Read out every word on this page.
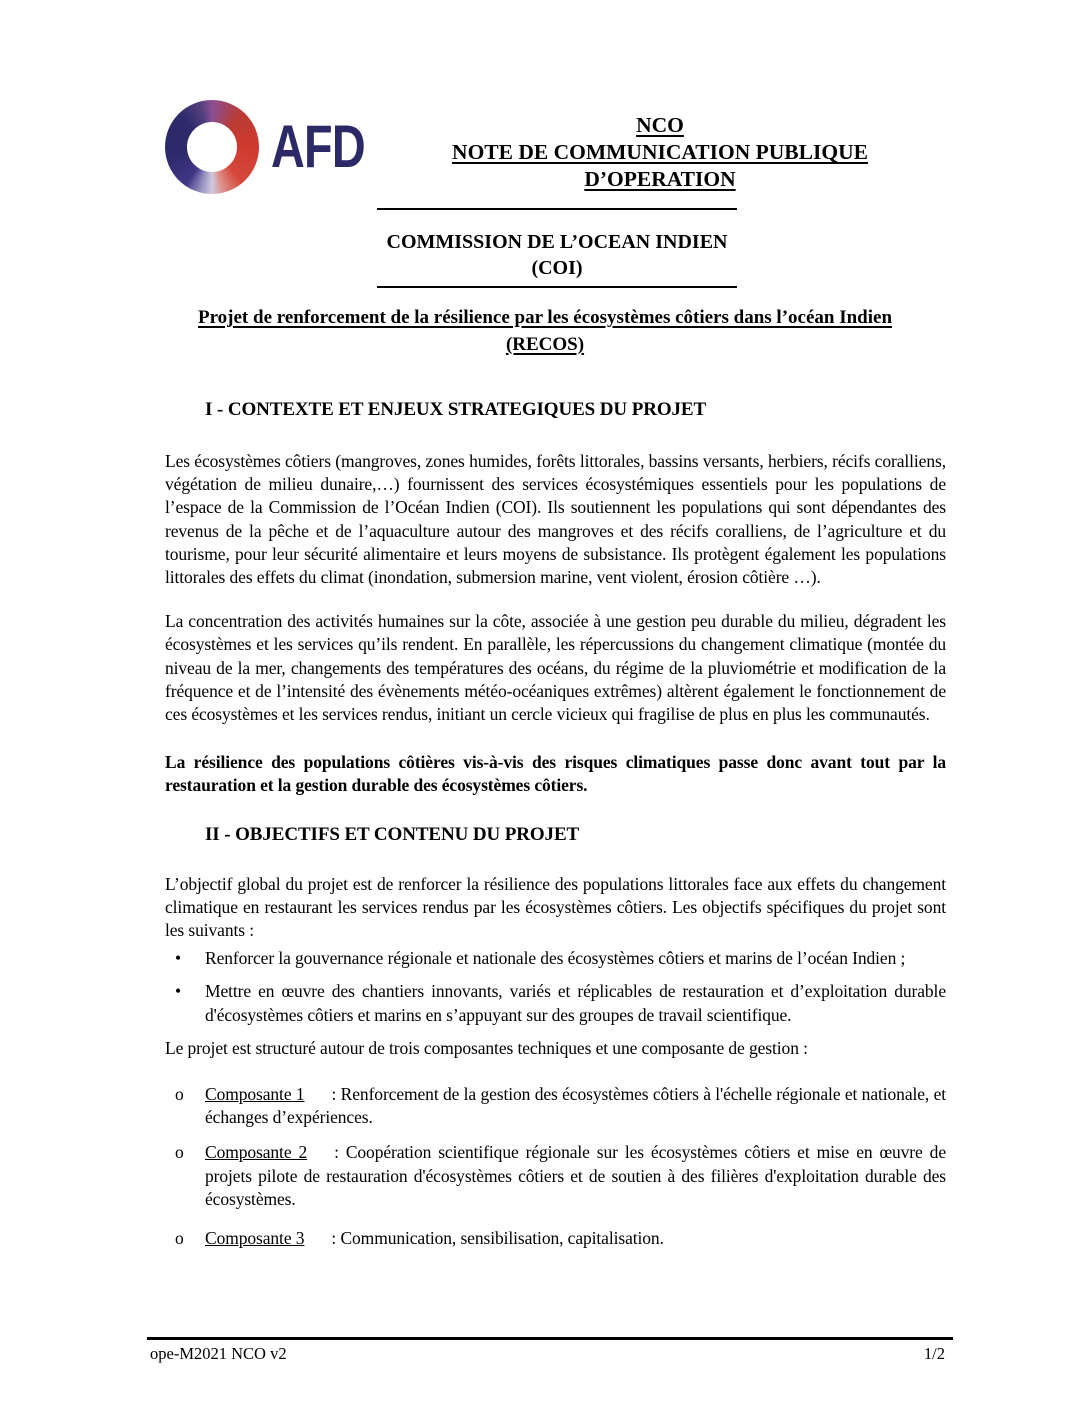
AFD	NCO
NOTE DE COMMUNICATION PUBLIQUE D’OPERATION
COMMISSION DE L’OCEAN INDIEN
(COI)
Projet de renforcement de la résilience par les écosystèmes côtiers dans l’océan Indien
(RECOS)
I - CONTEXTE ET ENJEUX STRATEGIQUES DU PROJET
Les écosystèmes côtiers (mangroves, zones humides, forêts littorales, bassins versants, herbiers, récifs coralliens, végétation de milieu dunaire,…) fournissent des services écosystémiques essentiels pour les populations de l’espace de la Commission de l’Océan Indien (COI). Ils soutiennent les populations qui sont dépendantes des revenus de la pêche et de l’aquaculture autour des mangroves et des récifs coralliens, de l’agriculture et du tourisme, pour leur sécurité alimentaire et leurs moyens de subsistance. Ils protègent également les populations littorales des effets du climat (inondation, submersion marine, vent violent, érosion côtière …).
La concentration des activités humaines sur la côte, associée à une gestion peu durable du milieu, dégradent les écosystèmes et les services qu’ils rendent. En parallèle, les répercussions du changement climatique (montée du niveau de la mer, changements des températures des océans, du régime de la pluviométrie et modification de la fréquence et de l’intensité des évènements météo-océaniques extrêmes) altèrent également le fonctionnement de ces écosystèmes et les services rendus, initiant un cercle vicieux qui fragilise de plus en plus les communautés.
La résilience des populations côtières vis-à-vis des risques climatiques passe donc avant tout par la restauration et la gestion durable des écosystèmes côtiers.
II - OBJECTIFS ET CONTENU DU PROJET
L’objectif global du projet est de renforcer la résilience des populations littorales face aux effets du changement climatique en restaurant les services rendus par les écosystèmes côtiers. Les objectifs spécifiques du projet sont les suivants :
• Renforcer la gouvernance régionale et nationale des écosystèmes côtiers et marins de l’océan Indien ;
• Mettre en œuvre des chantiers innovants, variés et réplicables de restauration et d’exploitation durable d'écosystèmes côtiers et marins en s’appuyant sur des groupes de travail scientifique.
Le projet est structuré autour de trois composantes techniques et une composante de gestion :
o Composante 1 : Renforcement de la gestion des écosystèmes côtiers à l'échelle régionale et nationale, et échanges d’expériences.
o Composante 2 : Coopération scientifique régionale sur les écosystèmes côtiers et mise en œuvre de projets pilote de restauration d'écosystèmes côtiers et de soutien à des filières d'exploitation durable des écosystèmes.
o Composante 3 : Communication, sensibilisation, capitalisation.
ope-M2021 NCO v2	1/2
